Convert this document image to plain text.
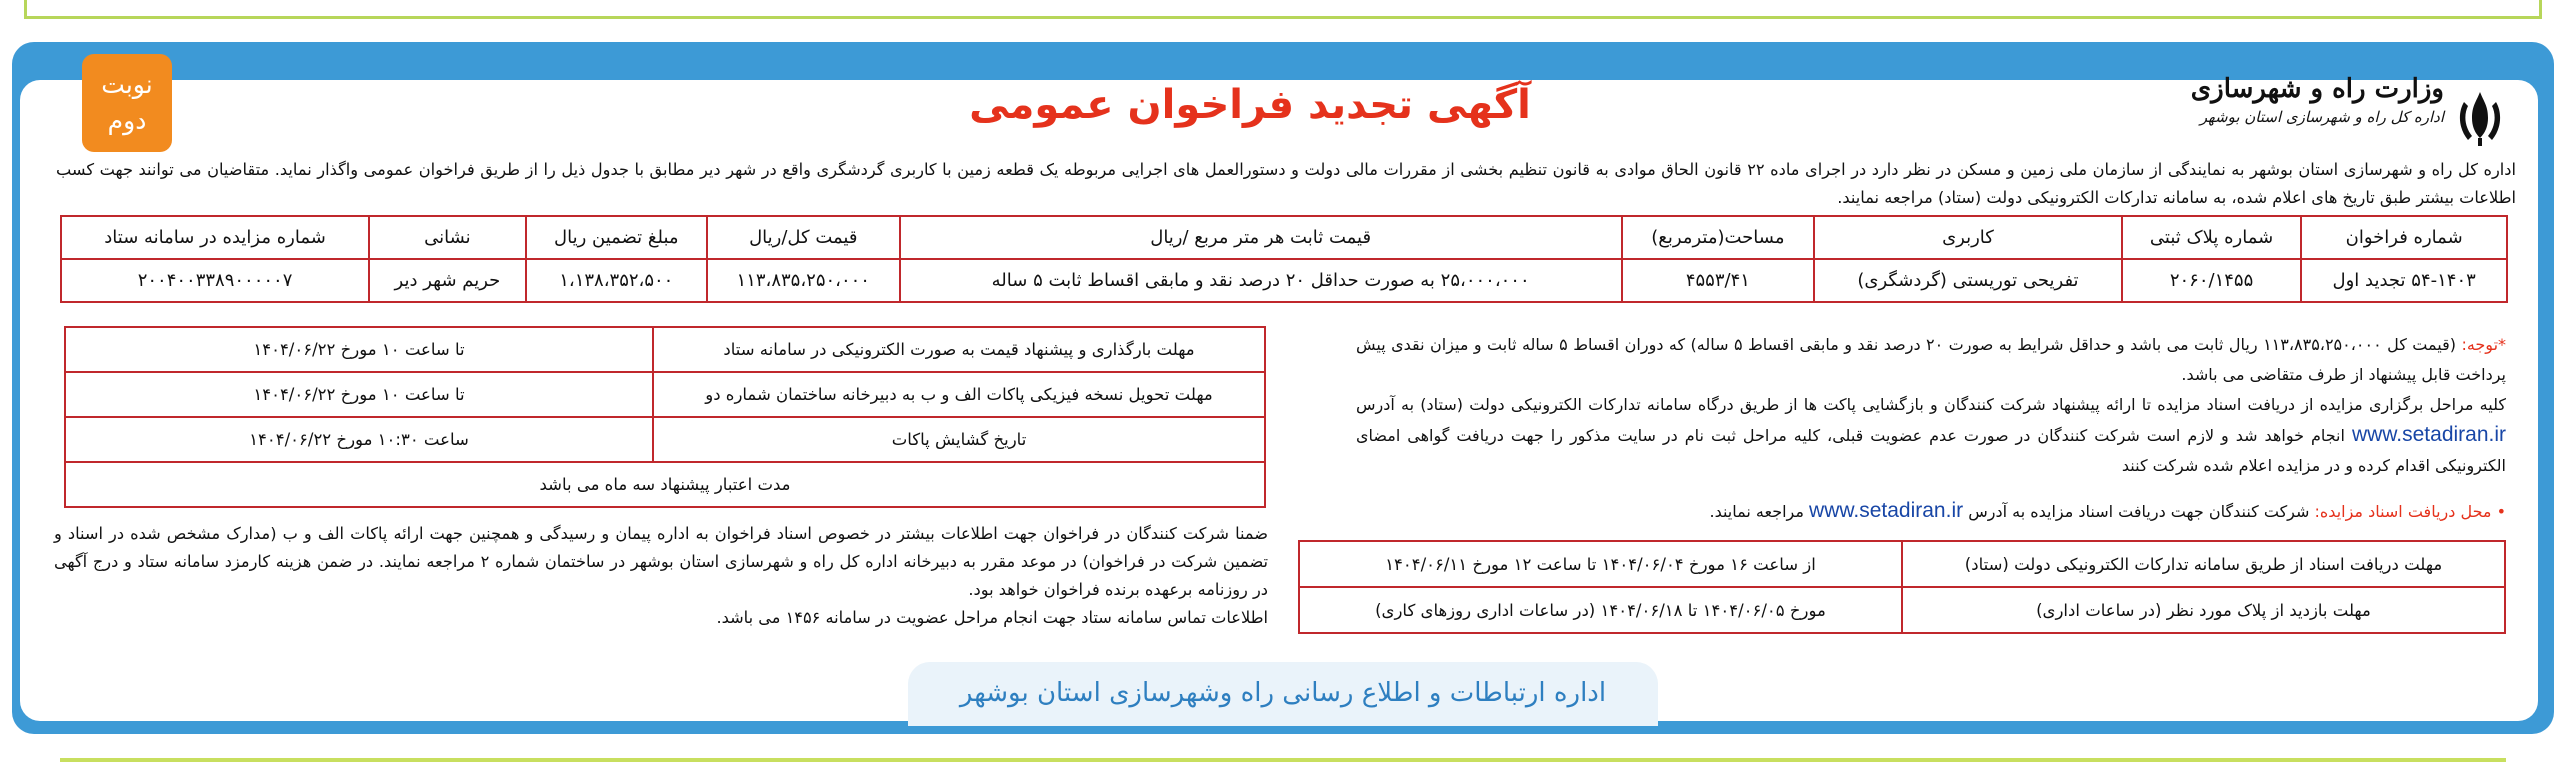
نوبت
دوم	آگهی تجدید فراخوان عمومی	وزارت راه و شهرسازی
اداره کل راه و شهرسازی استان بوشهر
اداره کل راه و شهرسازی استان بوشهر به نمایندگی از سازمان ملی زمین و مسکن در نظر دارد در اجرای ماده ۲۲ قانون الحاق موادی به قانون تنظیم بخشی از مقررات مالی دولت و دستورالعمل های اجرایی مربوطه یک قطعه زمین با کاربری گردشگری واقع در شهر دیر مطابق با جدول ذیل را از طریق فراخوان عمومی واگذار نماید. متقاضیان می توانند جهت کسب اطلاعات بیشتر طبق تاریخ های اعلام شده، به سامانه تدارکات الکترونیکی دولت (ستاد) مراجعه نمایند.
شماره فراخوان	شماره پلاک ثبتی	کاربری	مساحت(مترمربع)	قیمت ثابت هر متر مربع /ریال	قیمت کل/ریال	مبلغ تضمین ریال	نشانی	شماره مزایده در سامانه ستاد
۵۴-۱۴۰۳ تجدید اول	۲۰۶۰/۱۴۵۵	تفریحی توریستی (گردشگری)	۴۵۵۳/۴۱	۲۵،۰۰۰،۰۰۰ به صورت حداقل ۲۰ درصد نقد و مابقی اقساط ثابت ۵ ساله	۱۱۳،۸۳۵،۲۵۰،۰۰۰	۱،۱۳۸،۳۵۲،۵۰۰	حریم شهر دیر	۲۰۰۴۰۰۳۳۸۹۰۰۰۰۰۷
*توجه: (قیمت کل ۱۱۳،۸۳۵،۲۵۰،۰۰۰ ریال ثابت می باشد و حداقل شرایط به صورت ۲۰ درصد نقد و مابقی اقساط ۵ ساله) که دوران اقساط ۵ ساله ثابت و میزان نقدی پیش پرداخت قابل پیشنهاد از طرف متقاضی می باشد.
کلیه مراحل برگزاری مزایده از دریافت اسناد مزایده تا ارائه پیشنهاد شرکت کنندگان و بازگشایی پاکت ها از طریق درگاه سامانه تدارکات الکترونیکی دولت (ستاد) به آدرس www.setadiran.ir انجام خواهد شد و لازم است شرکت کنندگان در صورت عدم عضویت قبلی، کلیه مراحل ثبت نام در سایت مذکور را جهت دریافت گواهی امضای الکترونیکی اقدام کرده و در مزایده اعلام شده شرکت کنند
• محل دریافت اسناد مزایده: شرکت کنندگان جهت دریافت اسناد مزایده به آدرس www.setadiran.ir مراجعه نمایند.
مهلت دریافت اسناد از طریق سامانه تدارکات الکترونیکی دولت (ستاد)	از ساعت ۱۶ مورخ ۱۴۰۴/۰۶/۰۴ تا ساعت ۱۲ مورخ ۱۴۰۴/۰۶/۱۱
مهلت بازدید از پلاک مورد نظر (در ساعات اداری)	مورخ ۱۴۰۴/۰۶/۰۵ تا ۱۴۰۴/۰۶/۱۸ (در ساعات اداری روزهای کاری)
مهلت بارگذاری و پیشنهاد قیمت به صورت الکترونیکی در سامانه ستاد	تا ساعت ۱۰ مورخ ۱۴۰۴/۰۶/۲۲
مهلت تحویل نسخه فیزیکی پاکات الف و ب به دبیرخانه ساختمان شماره دو	تا ساعت ۱۰ مورخ ۱۴۰۴/۰۶/۲۲
تاریخ گشایش پاکات	ساعت ۱۰:۳۰ مورخ ۱۴۰۴/۰۶/۲۲
مدت اعتبار پیشنهاد سه ماه می باشد	
ضمنا شرکت کنندگان در فراخوان جهت اطلاعات بیشتر در خصوص اسناد فراخوان به اداره پیمان و رسیدگی و همچنین جهت ارائه پاکات الف و ب (مدارک مشخص شده در اسناد و تضمین شرکت در فراخوان) در موعد مقرر به دبیرخانه اداره کل راه و شهرسازی استان بوشهر در ساختمان شماره ۲ مراجعه نمایند. در ضمن هزینه کارمزد سامانه ستاد و درج آگهی در روزنامه برعهده برنده فراخوان خواهد بود.
اطلاعات تماس سامانه ستاد جهت انجام مراحل عضویت در سامانه ۱۴۵۶ می باشد.
اداره ارتباطات و اطلاع رسانی راه وشهرسازی استان بوشهر
